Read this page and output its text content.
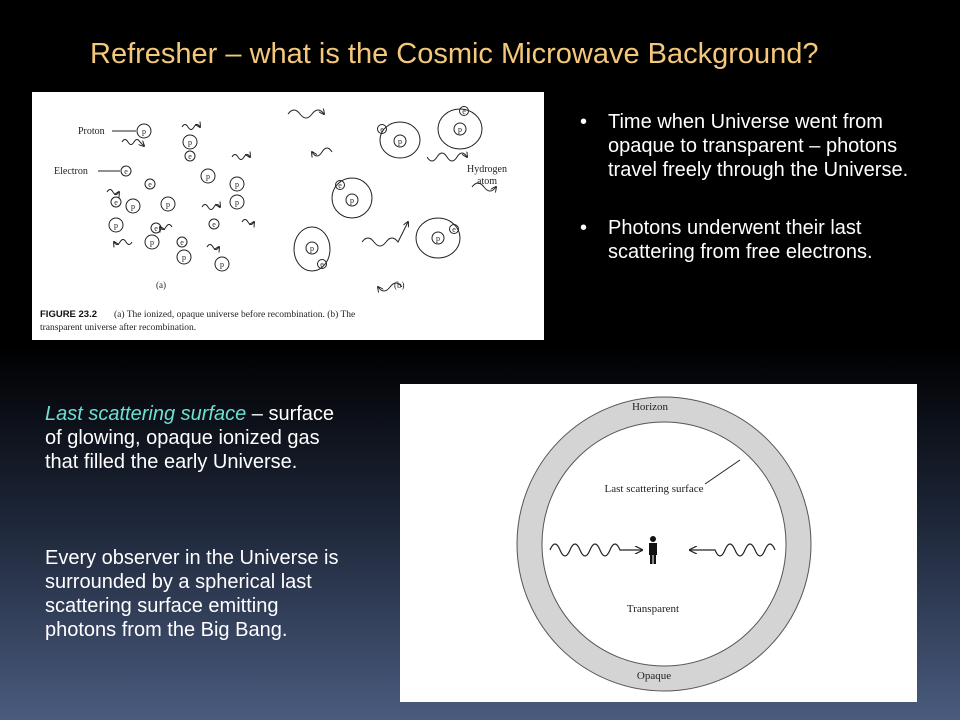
Refresher – what is the Cosmic Microwave Background?
Proton
Electron
p
p
p
p
p	p
p
p
p
p
p
e
e
e
e	e
e
e
(a)
p
p
p
p
p
e
e
e
e
e
Hydrogen
atom
(b)
FIGURE 23.2 (a) The ionized, opaque universe before recombination. (b) The
transparent universe after recombination.
• Time when Universe went from opaque to transparent – photons travel freely through the Universe.
• Photons underwent their last scattering from free electrons.

Last scattering surface – surface of glowing, opaque ionized gas that filled the early Universe.

Every observer in the Universe is surrounded by a spherical last scattering surface emitting photons from the Big Bang.

Horizon
Last scattering surface
Transparent
Opaque
